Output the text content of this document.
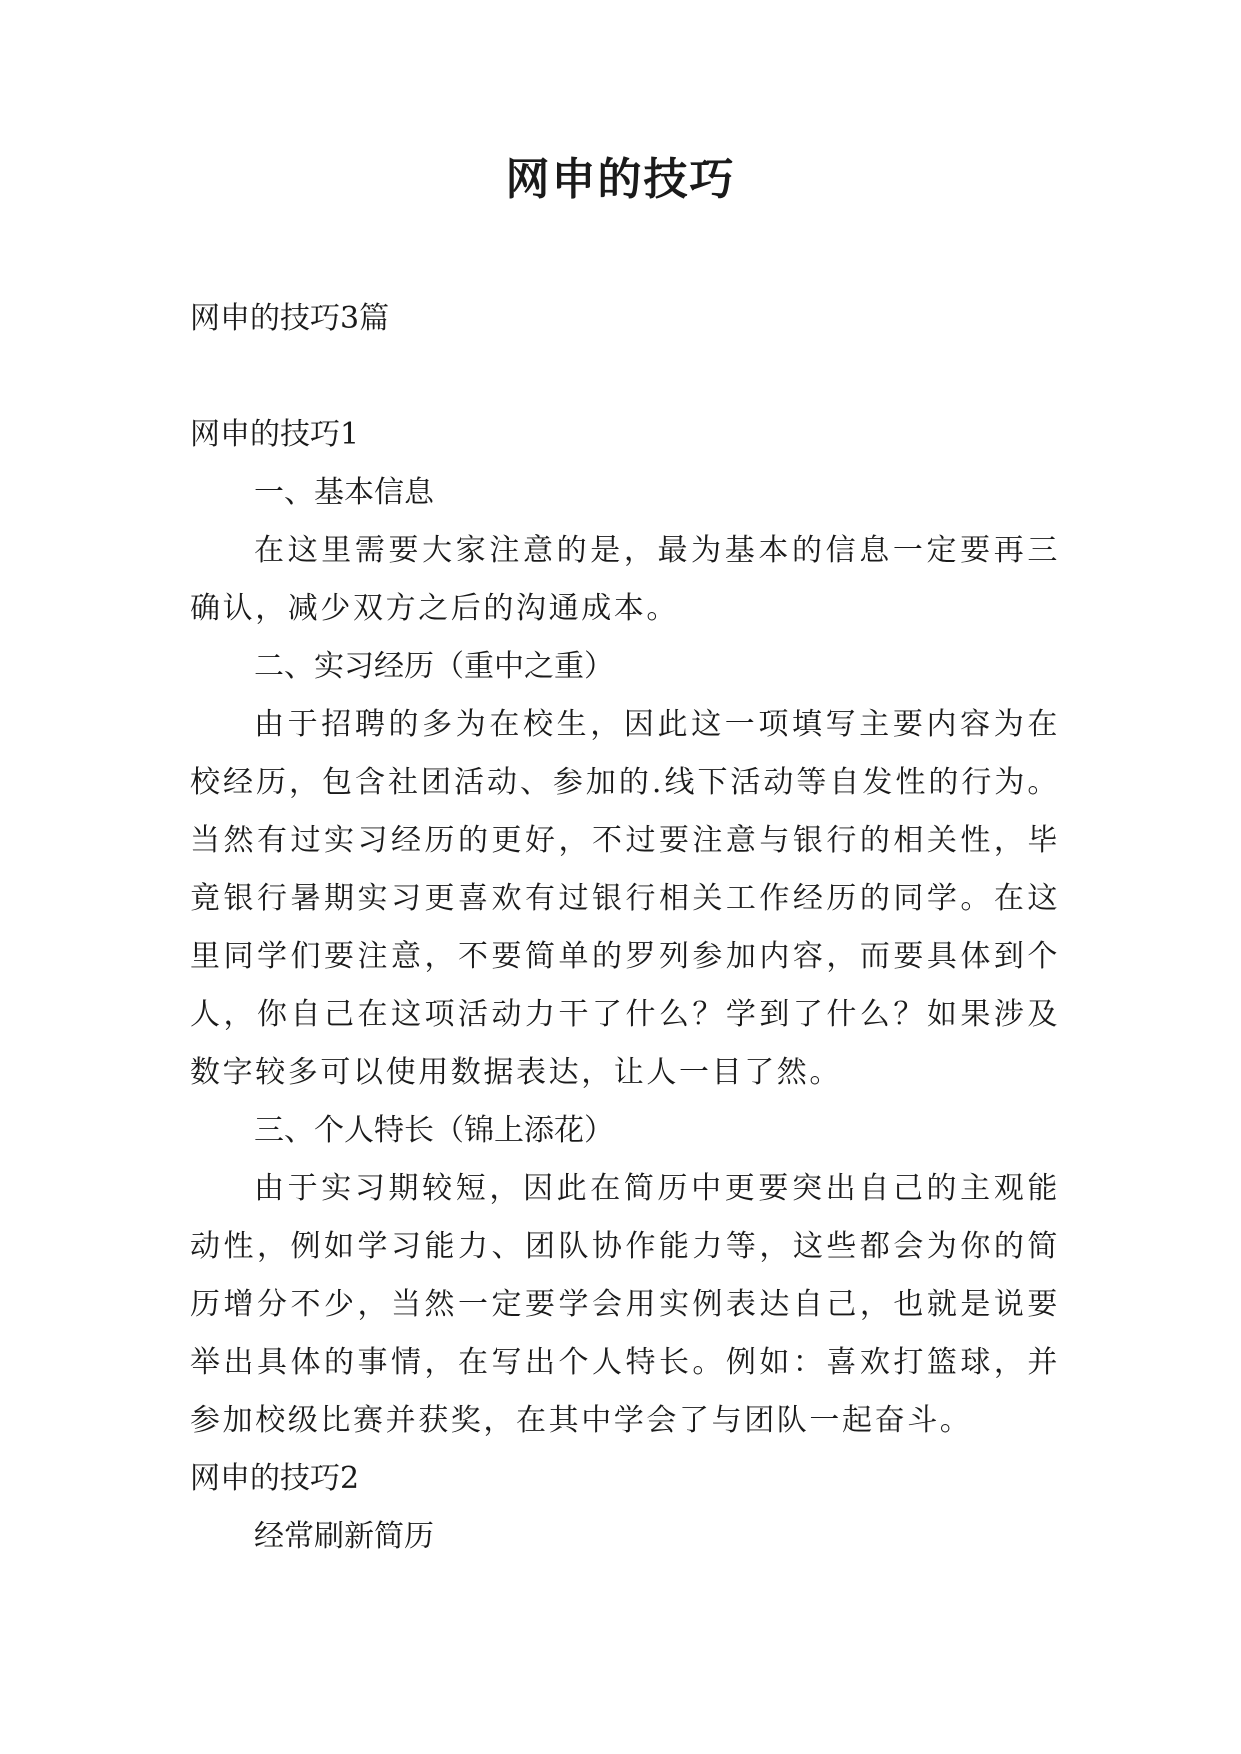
网申的技巧
网申的技巧3篇
网申的技巧1
一、基本信息
在这里需要大家注意的是，最为基本的信息一定要再三确认，减少双方之后的沟通成本。
二、实习经历（重中之重）
由于招聘的多为在校生，因此这一项填写主要内容为在校经历，包含社团活动、参加的.线下活动等自发性的行为。当然有过实习经历的更好，不过要注意与银行的相关性，毕竟银行暑期实习更喜欢有过银行相关工作经历的同学。在这里同学们要注意，不要简单的罗列参加内容，而要具体到个人，你自己在这项活动力干了什么？学到了什么？如果涉及数字较多可以使用数据表达，让人一目了然。
三、个人特长（锦上添花）
由于实习期较短，因此在简历中更要突出自己的主观能动性，例如学习能力、团队协作能力等，这些都会为你的简历增分不少，当然一定要学会用实例表达自己，也就是说要举出具体的事情，在写出个人特长。例如：喜欢打篮球，并参加校级比赛并获奖，在其中学会了与团队一起奋斗。
网申的技巧2
经常刷新简历
